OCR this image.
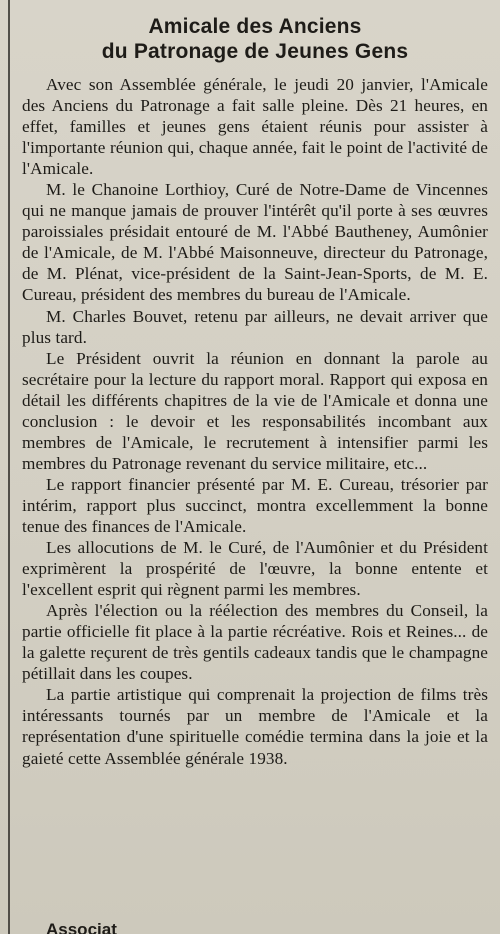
Amicale des Anciens
du Patronage de Jeunes Gens

Avec son Assemblée générale, le jeudi 20 janvier, l'Amicale des Anciens du Patronage a fait salle pleine. Dès 21 heures, en effet, familles et jeunes gens étaient réunis pour assister à l'importante réunion qui, chaque année, fait le point de l'activité de l'Amicale.

M. le Chanoine Lorthioy, Curé de Notre-Dame de Vincennes qui ne manque jamais de prouver l'intérêt qu'il porte à ses œuvres paroissiales présidait entouré de M. l'Abbé Bautheney, Aumônier de l'Amicale, de M. l'Abbé Maisonneuve, directeur du Patronage, de M. Plénat, vice-président de la Saint-Jean-Sports, de M. E. Cureau, président des membres du bureau de l'Amicale.

M. Charles Bouvet, retenu par ailleurs, ne devait arriver que plus tard.

Le Président ouvrit la réunion en donnant la parole au secrétaire pour la lecture du rapport moral. Rapport qui exposa en détail les différents chapitres de la vie de l'Amicale et donna une conclusion : le devoir et les responsabilités incombant aux membres de l'Amicale, le recrutement à intensifier parmi les membres du Patronage revenant du service militaire, etc...

Le rapport financier présenté par M. E. Cureau, trésorier par intérim, rapport plus succinct, montra excellemment la bonne tenue des finances de l'Amicale.

Les allocutions de M. le Curé, de l'Aumônier et du Président exprimèrent la prospérité de l'œuvre, la bonne entente et l'excellent esprit qui règnent parmi les membres.

Après l'élection ou la réélection des membres du Conseil, la partie officielle fit place à la partie récréative. Rois et Reines... de la galette reçurent de très gentils cadeaux tandis que le champagne pétillait dans les coupes.

La partie artistique qui comprenait la projection de films très intéressants tournés par un membre de l'Amicale et la représentation d'une spirituelle comédie termina dans la joie et la gaieté cette Assemblée générale 1938.

Associat
